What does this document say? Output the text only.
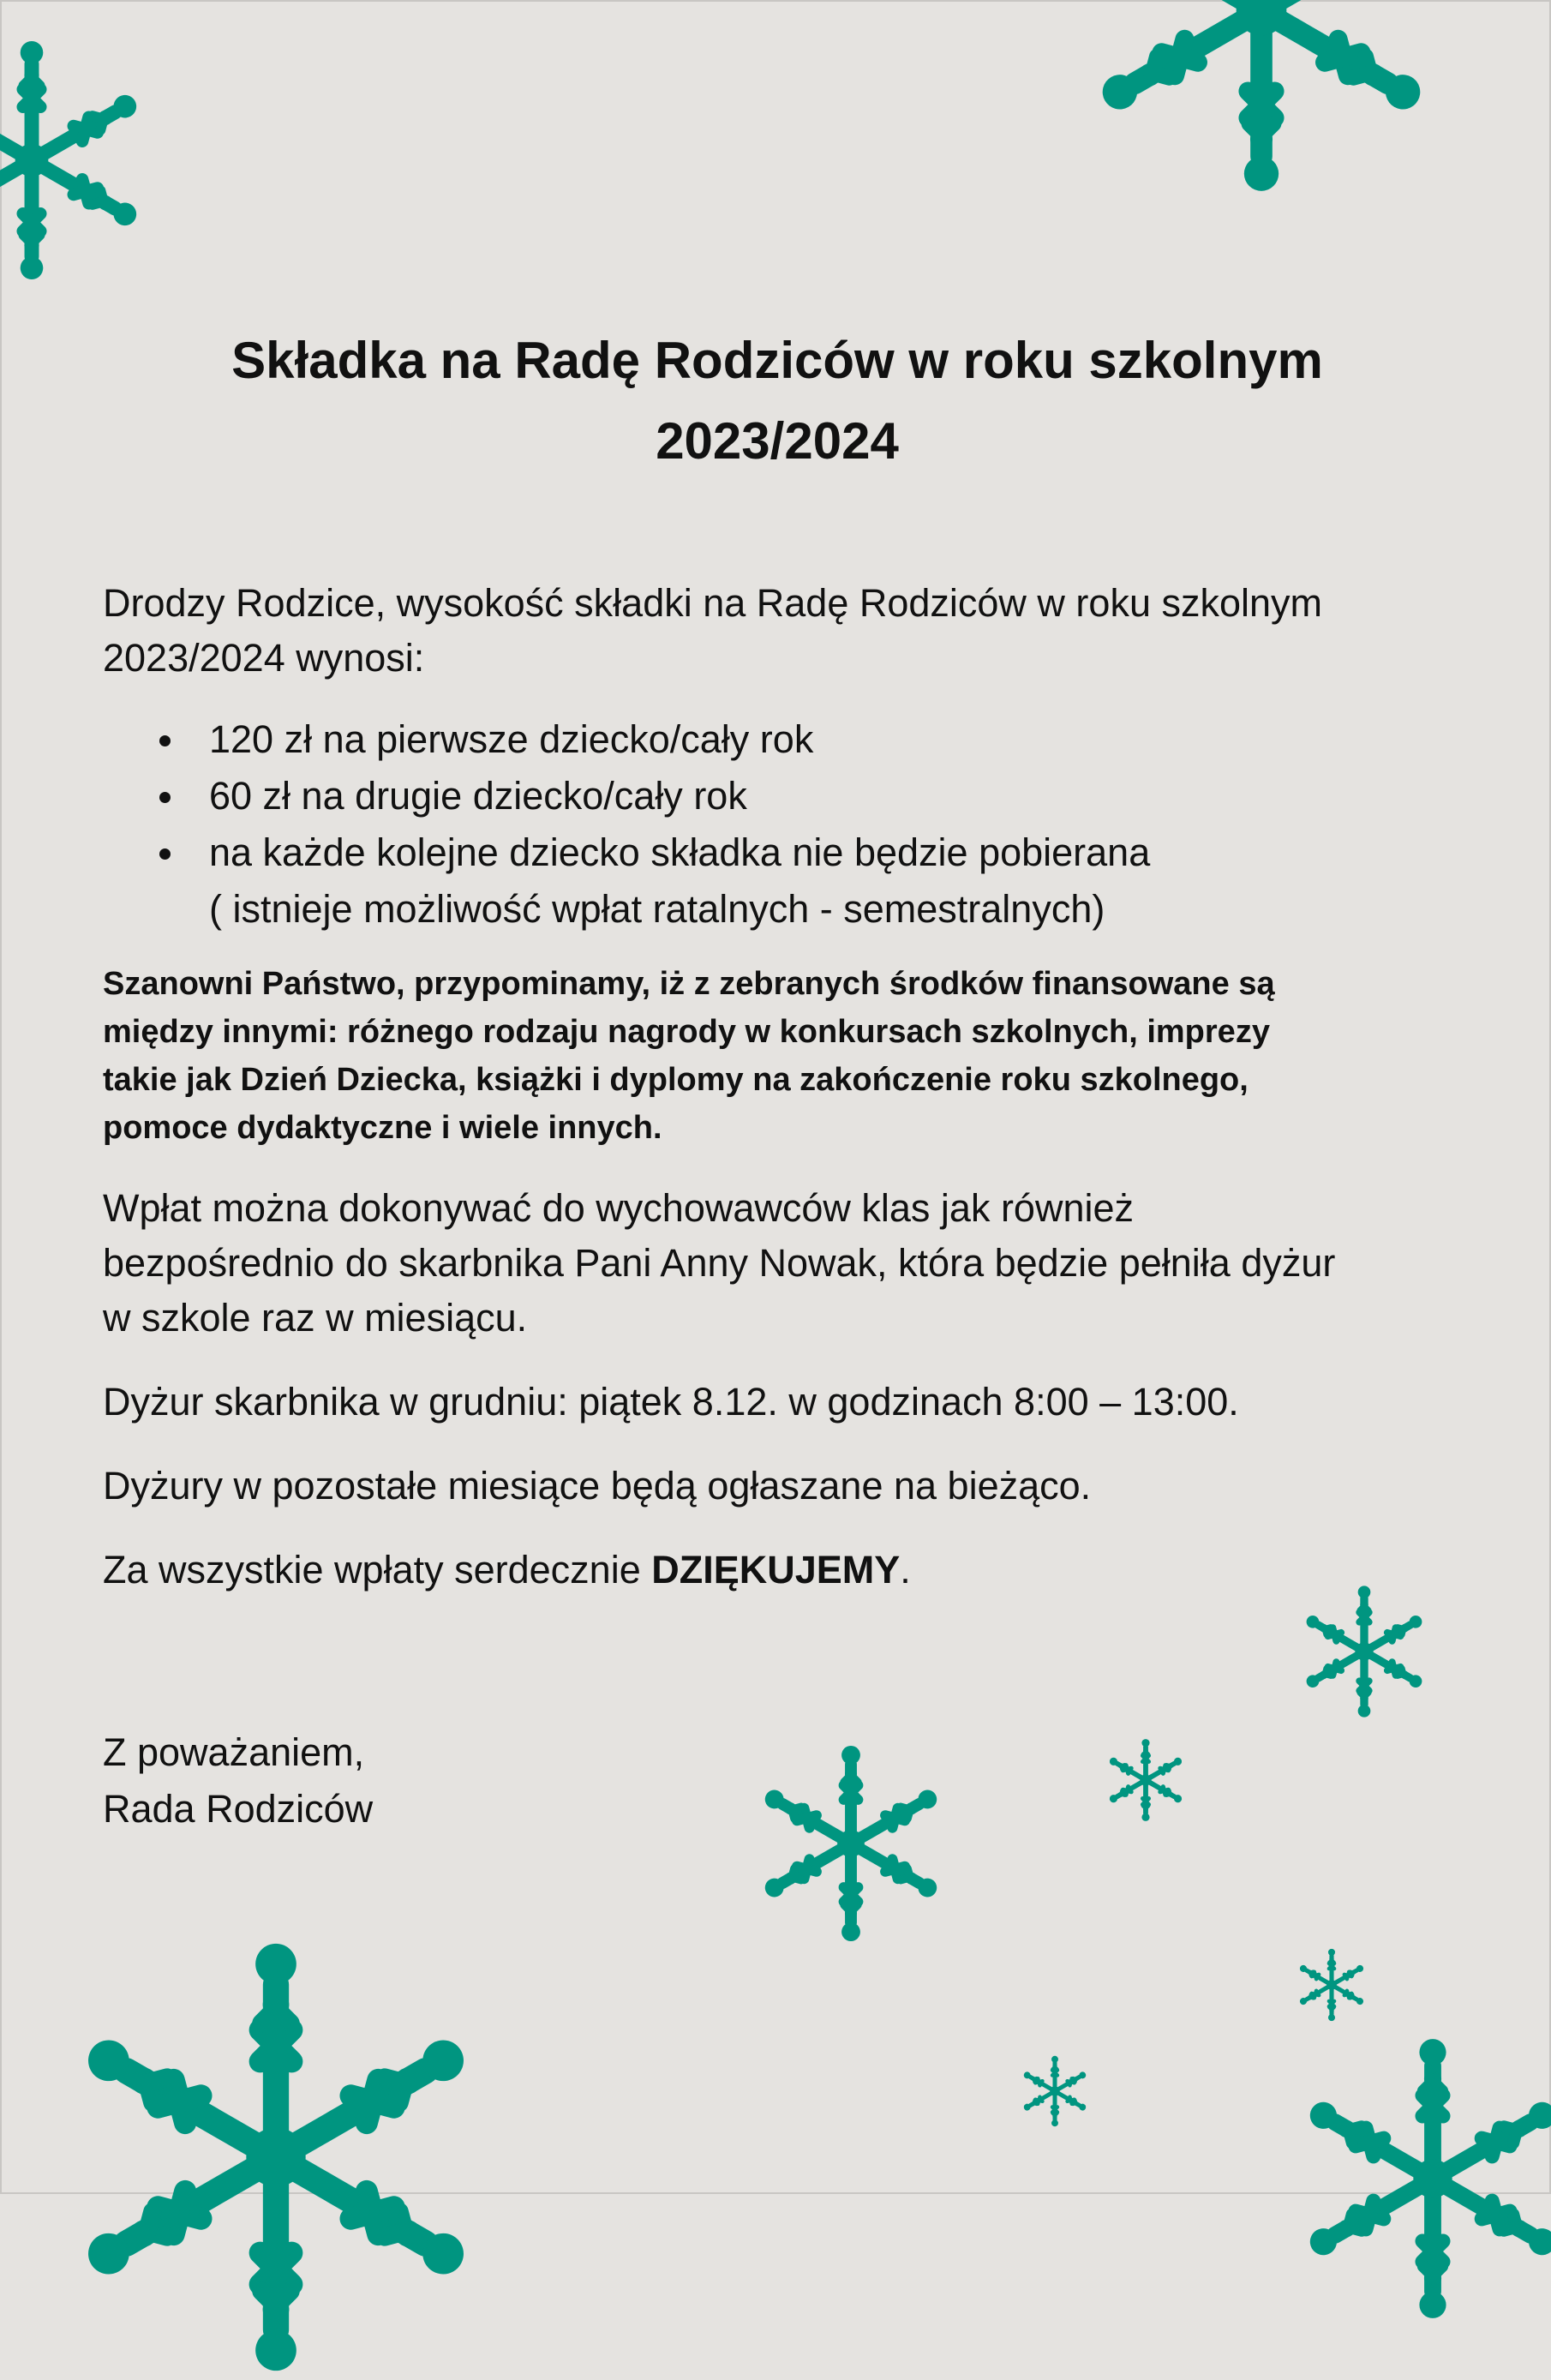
Składka na Radę Rodziców w roku szkolnym
2023/2024

Drodzy Rodzice, wysokość składki na Radę Rodziców w roku szkolnym
2023/2024 wynosi:

120 zł na pierwsze dziecko/cały rok
60 zł na drugie dziecko/cały rok
na każde kolejne dziecko składka nie będzie pobierana
( istnieje możliwość wpłat ratalnych - semestralnych)

Szanowni Państwo, przypominamy, iż z zebranych środków finansowane są
między innymi: różnego rodzaju nagrody w konkursach szkolnych, imprezy
takie jak Dzień Dziecka, książki i dyplomy na zakończenie roku szkolnego,
pomoce dydaktyczne i wiele innych.

Wpłat można dokonywać do wychowawców klas jak również
bezpośrednio do skarbnika Pani Anny Nowak, która będzie pełniła dyżur
w szkole raz w miesiącu.

Dyżur skarbnika w grudniu: piątek 8.12. w godzinach 8:00 – 13:00.

Dyżury w pozostałe miesiące będą ogłaszane na bieżąco.

Za wszystkie wpłaty serdecznie DZIĘKUJEMY.

Z poważaniem,
Rada Rodziców
